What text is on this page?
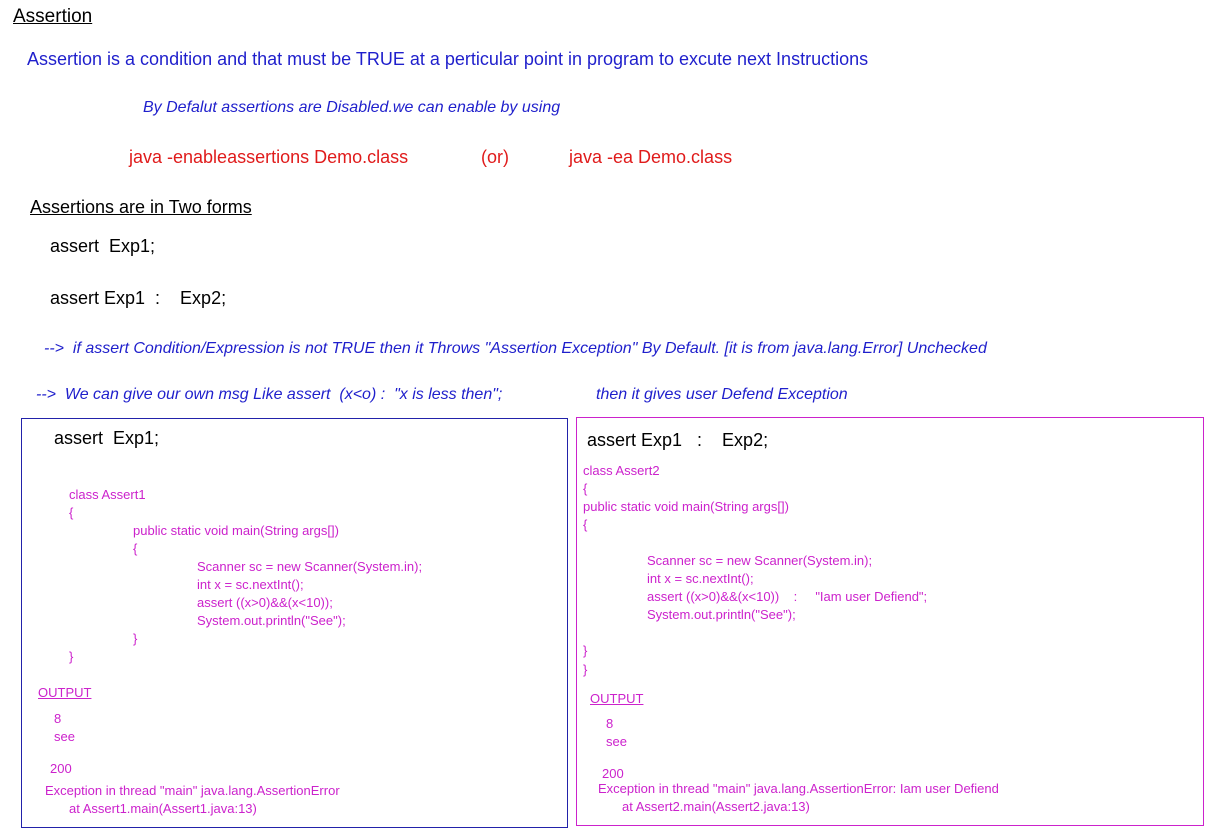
Assertion
Assertion is a condition and that must be TRUE at a perticular point in program to excute next Instructions
By Defalut assertions are Disabled.we can enable by using
java -enableassertions Demo.class	(or)	java -ea Demo.class
Assertions are in Two forms
assert  Exp1;
assert Exp1  :    Exp2;
-->  if assert Condition/Expression is not TRUE then it Throws "Assertion Exception" By Default. [it is from java.lang.Error] Unchecked
-->  We can give our own msg Like assert  (x<o) :  "x is less then";	then it gives user Defend Exception
assert  Exp1;
class Assert1
{
public static void main(String args[])
{
Scanner sc = new Scanner(System.in);
int x = sc.nextInt();
assert ((x>0)&&(x<10));
System.out.println("See");
}
}
OUTPUT
8
see
200
Exception in thread "main" java.lang.AssertionError
at Assert1.main(Assert1.java:13)
assert Exp1   :    Exp2;
class Assert2
{
public static void main(String args[])
{
Scanner sc = new Scanner(System.in);
int x = sc.nextInt();
assert ((x>0)&&(x<10))    :     "Iam user Defiend";
System.out.println("See");
}
}
OUTPUT
8
see
200
Exception in thread "main" java.lang.AssertionError: Iam user Defiend
at Assert2.main(Assert2.java:13)
